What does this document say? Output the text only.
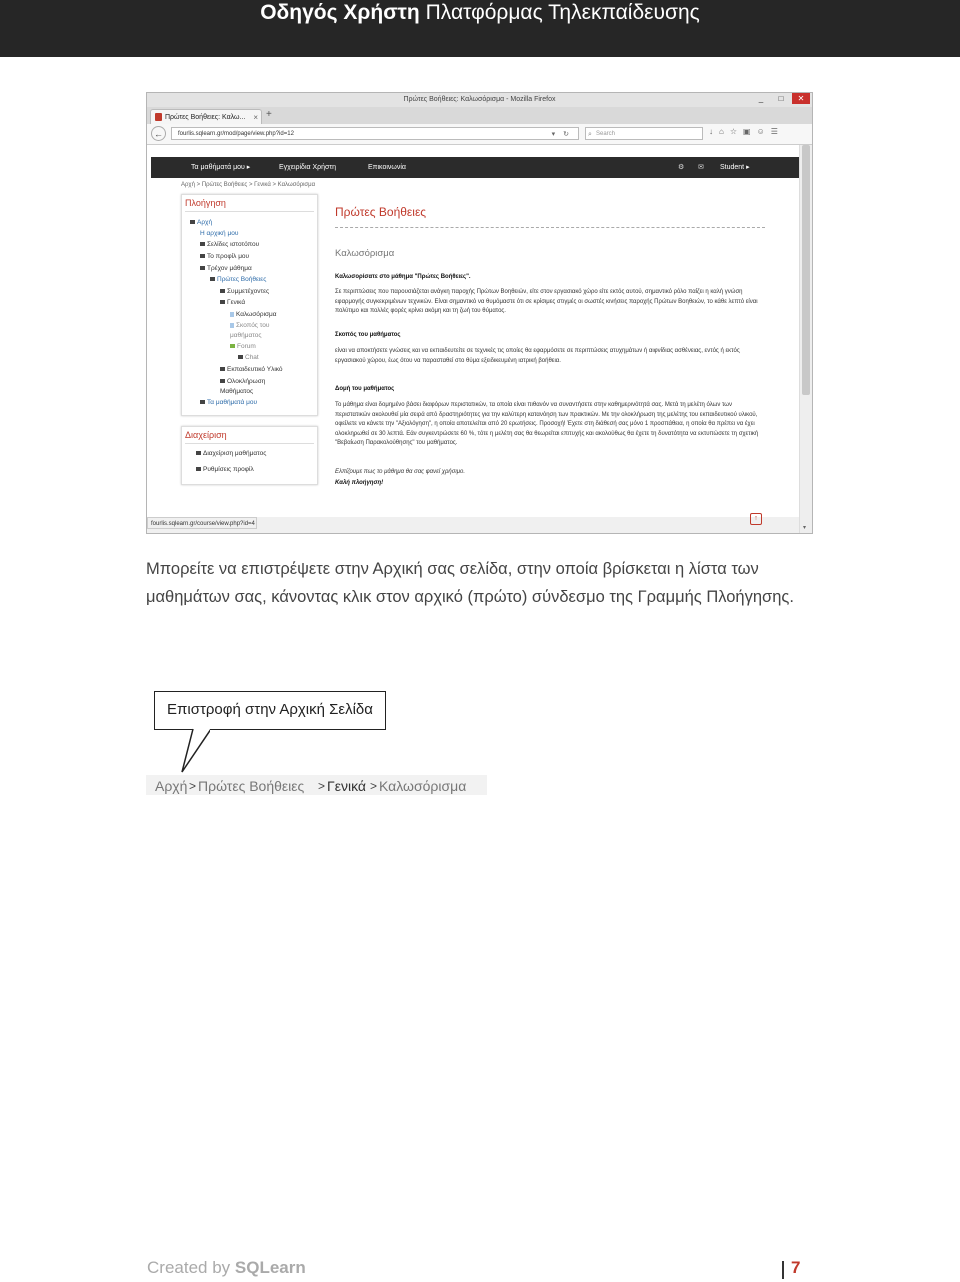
Οδηγός Χρήστη Πλατφόρμας Τηλεκπαίδευσης
Πρώτες Βοήθειες: Καλωσόρισμα - Mozilla Firefox	_	□	✕
Πρώτες Βοήθειες: Καλω... × +
←	fourlis.sqlearn.gr/mod/page/view.php?id=12	▾ ↻ ⌕ Search	↓⌂☆▣☺☰
Τα μαθήματά μου ▸	Εγχειρίδια Χρήστη	Επικοινωνία	⚙ ✉ Student ▸
Αρχή > Πρώτες Βοήθειες > Γενικά > Καλωσόρισμα
Πλοήγηση
Αρχή
Η αρχική μου
Σελίδες ιστοτόπου
Το προφίλ μου
Τρέχον μάθημα
Πρώτες Βοήθειες
Συμμετέχοντες
Γενικά
Καλωσόρισμα
Σκοπός του
μαθήματος
Forum
Chat
Εκπαιδευτικό Υλικό
Ολοκλήρωση
Μαθήματος
Τα μαθήματά μου
Διαχείριση
Διαχείριση μαθήματος
Ρυθμίσεις προφίλ
Πρώτες Βοήθειες
Καλωσόρισμα
Καλωσορίσατε στο μάθημα "Πρώτες Βοήθειες".
Σε περιπτώσεις που παρουσιάζεται ανάγκη παροχής Πρώτων Βοηθειών, είτε στον εργασιακό χώρο είτε εκτός αυτού, σημαντικό ρόλο παίζει η καλή γνώση εφαρμογής συγκεκριμένων τεχνικών. Είναι σημαντικό να θυμόμαστε ότι σε κρίσιμες στιγμές οι σωστές κινήσεις παροχής Πρώτων Βοηθειών, το κάθε λεπτό είναι πολύτιμο και πολλές φορές κρίνει ακόμη και τη ζωή του θύματος.
Σκοπός του μαθήματος
είναι να αποκτήσετε γνώσεις και να εκπαιδευτείτε σε τεχνικές τις οποίες θα εφαρμόσετε σε περιπτώσεις ατυχημάτων ή αιφνίδιας ασθένειας, εντός ή εκτός εργασιακού χώρου, έως ότου να παρασταθεί στο θύμα εξειδικευμένη ιατρική βοήθεια.
Δομή του μαθήματος
Το μάθημα είναι δομημένο βάσει διαφόρων περιστατικών, τα οποία είναι πιθανόν να συναντήσετε στην καθημερινότητά σας. Μετά τη μελέτη όλων των περιστατικών ακολουθεί μία σειρά από δραστηριότητες για την καλύτερη κατανόηση των πρακτικών. Με την ολοκλήρωση της μελέτης του εκπαιδευτικού υλικού, οφείλετε να κάνετε την "Αξιολόγηση", η οποία αποτελείται από 20 ερωτήσεις. Προσοχή! Έχετε στη διάθεσή σας μόνο 1 προσπάθεια, η οποία θα πρέπει να έχει ολοκληρωθεί σε 30 λεπτά. Εάν συγκεντρώσετε 60 %, τότε η μελέτη σας θα θεωρείται επιτυχής και ακολούθως θα έχετε τη δυνατότητα να εκτυπώσετε τη σχετική "Βεβαίωση Παρακολούθησης" του μαθήματος.
Ελπίζουμε πως το μάθημα θα σας φανεί χρήσιμο.
Καλή πλοήγηση!
▾
↑
fourlis.sqlearn.gr/course/view.php?id=4
Μπορείτε να επιστρέψετε στην Αρχική σας σελίδα, στην οποία βρίσκεται η λίστα των μαθημάτων σας, κάνοντας κλικ στον αρχικό (πρώτο) σύνδεσμο της Γραμμής Πλοήγησης.
Επιστροφή στην Αρχική Σελίδα
Αρχή > Πρώτες Βοήθειες > Γενικά > Καλωσόρισμα
Created by SQLearn	7
